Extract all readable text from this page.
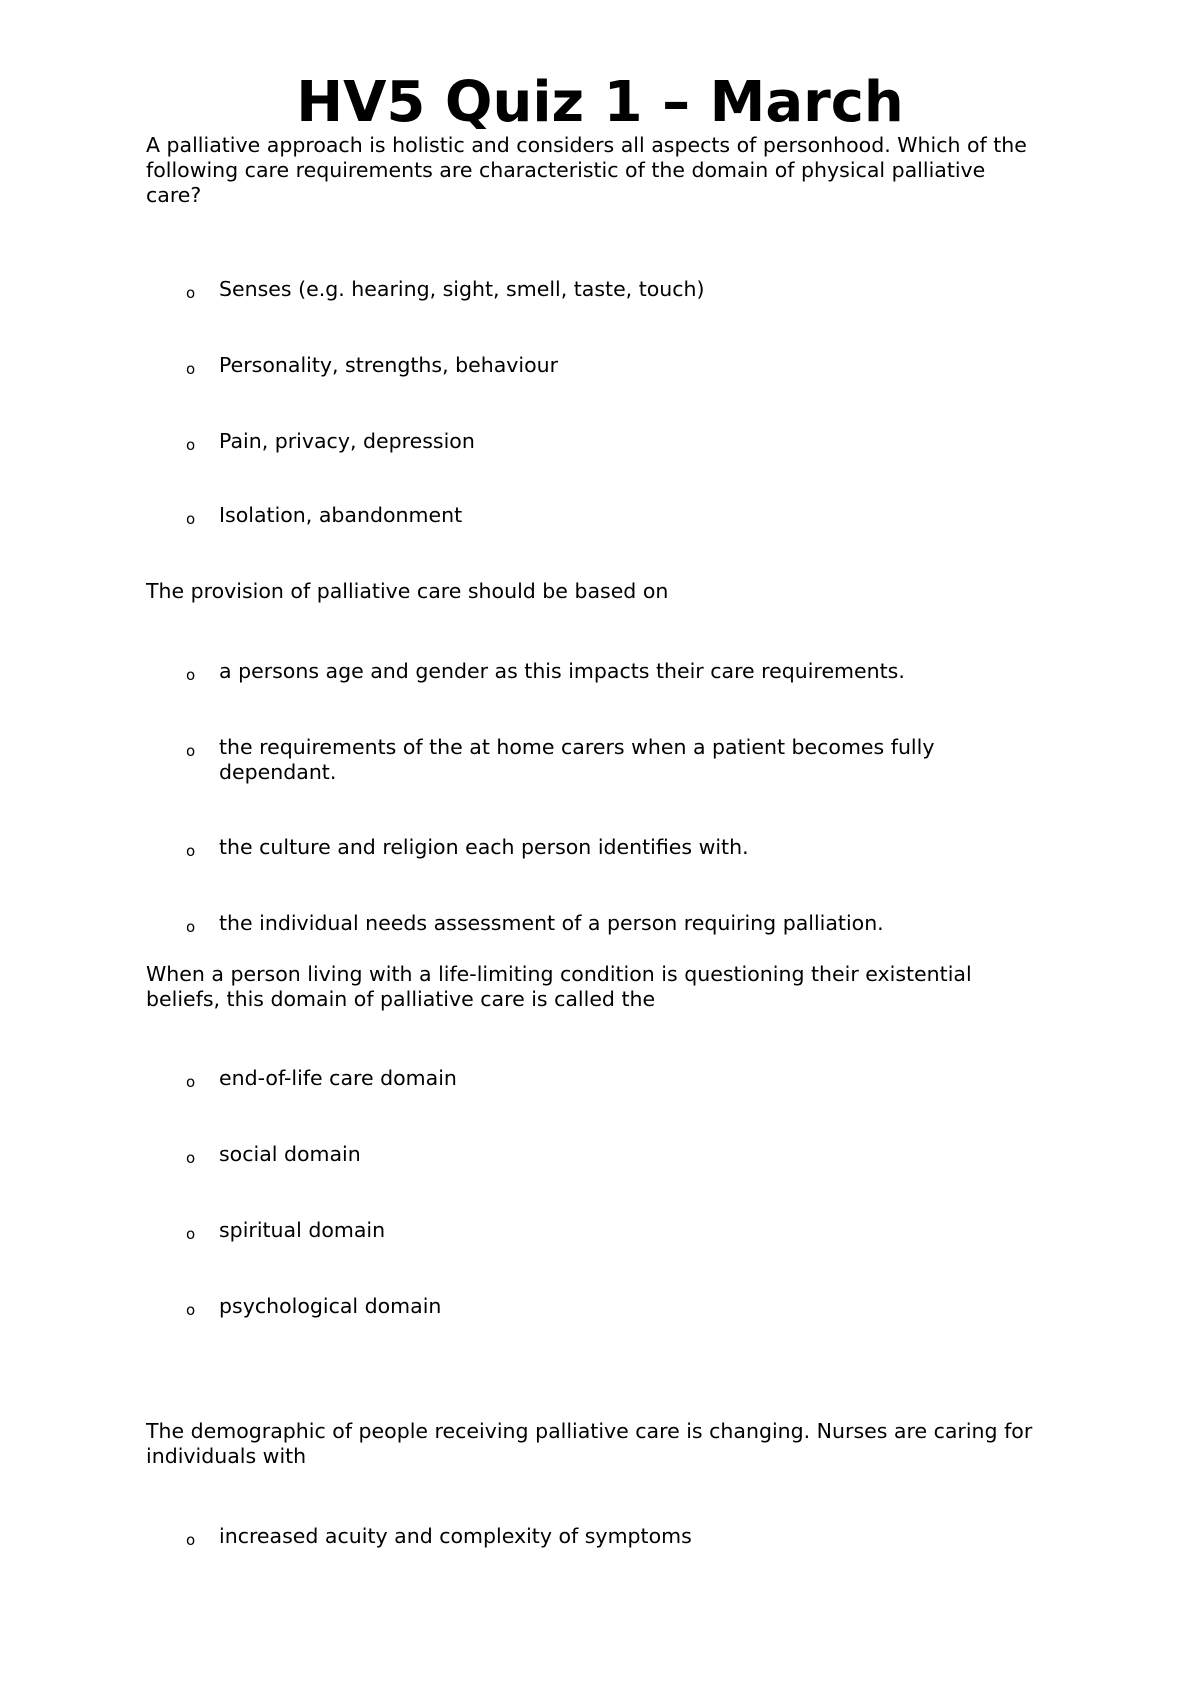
HV5 Quiz 1 – March

A palliative approach is holistic and considers all aspects of personhood. Which of the following care requirements are characteristic of the domain of physical palliative care?

o Senses (e.g. hearing, sight, smell, taste, touch)
o Personality, strengths, behaviour
o Pain, privacy, depression
o Isolation, abandonment

The provision of palliative care should be based on

o a persons age and gender as this impacts their care requirements.
o the requirements of the at home carers when a patient becomes fully dependant.
o the culture and religion each person identifies with.
o the individual needs assessment of a person requiring palliation.

When a person living with a life-limiting condition is questioning their existential beliefs, this domain of palliative care is called the

o end-of-life care domain
o social domain
o spiritual domain
o psychological domain

The demographic of people receiving palliative care is changing. Nurses are caring for individuals with

o increased acuity and complexity of symptoms
